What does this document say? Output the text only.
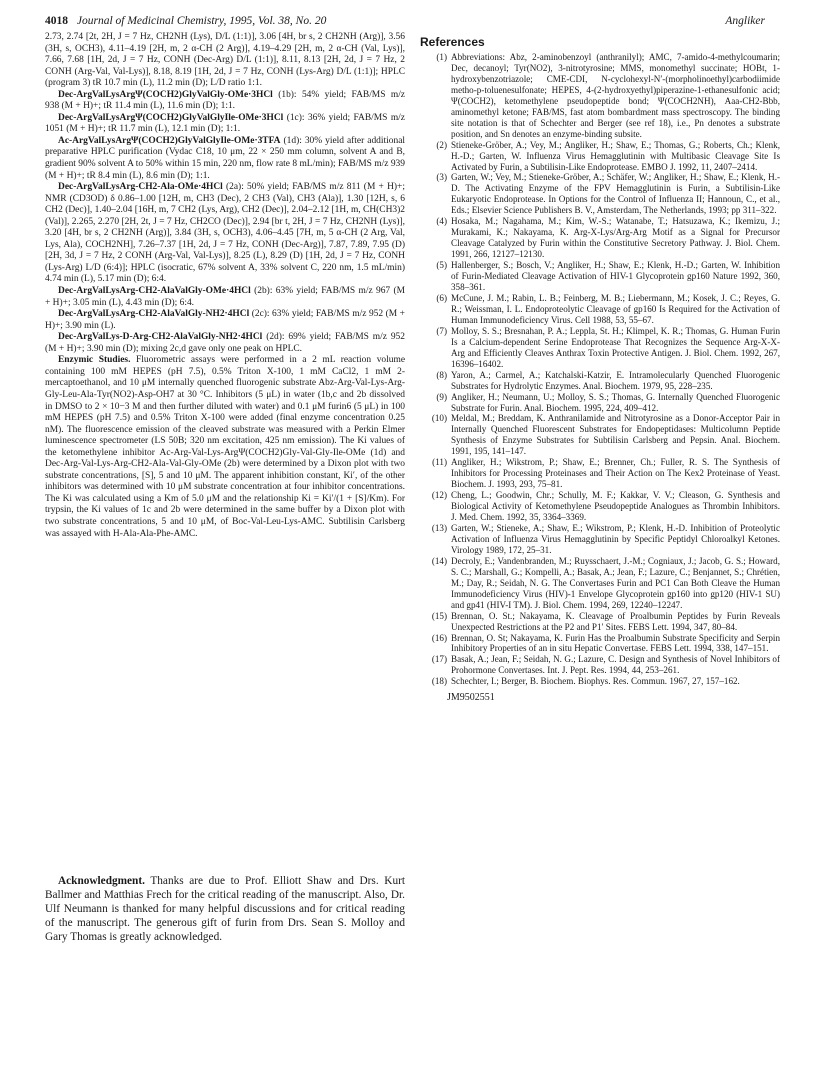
4018 Journal of Medicinal Chemistry, 1995, Vol. 38, No. 20	Angliker

2.73, 2.74 [2t, 2H, J = 7 Hz, CH2NH (Lys), D/L (1:1)], 3.06 [4H, br s, 2 CH2NH (Arg)], 3.56 (3H, s, OCH3), 4.11–4.19 [2H, m, 2 α-CH (2 Arg)], 4.19–4.29 [2H, m, 2 α-CH (Val, Lys)], 7.66, 7.68 [1H, 2d, J = 7 Hz, CONH (Dec-Arg) D/L (1:1)], 8.11, 8.13 [2H, 2d, J = 7 Hz, 2 CONH (Arg-Val, Val-Lys)], 8.18, 8.19 [1H, 2d, J = 7 Hz, CONH (Lys-Arg) D/L (1:1)]; HPLC (program 3) tR 10.7 min (L), 11.2 min (D); L/D ratio 1:1.

Dec-ArgValLysArgΨ(COCH2)GlyValGly-OMe·3HCl (1b): 54% yield; FAB/MS m/z 938 (M + H)+; tR 11.4 min (L), 11.6 min (D); 1:1.

Dec-ArgValLysArgΨ(COCH2)GlyValGlyIle-OMe·3HCl (1c): 36% yield; FAB/MS m/z 1051 (M + H)+; tR 11.7 min (L), 12.1 min (D); 1:1.

Ac-ArgValLysArgΨ(COCH2)GlyValGlyIle-OMe·3TFA (1d): 30% yield after additional preparative HPLC purification (Vydac C18, 10 μm, 22 × 250 mm column, solvent A and B, gradient 90% solvent A to 50% within 15 min, 220 nm, flow rate 8 mL/min); FAB/MS m/z 939 (M + H)+; tR 8.4 min (L), 8.6 min (D); 1:1.

Dec-ArgValLysArg-CH2-Ala-OMe·4HCl (2a): 50% yield; FAB/MS m/z 811 (M + H)+; NMR (CD3OD) δ 0.86–1.00 [12H, m, CH3 (Dec), 2 CH3 (Val), CH3 (Ala)], 1.30 [12H, s, 6 CH2 (Dec)], 1.40–2.04 [16H, m, 7 CH2 (Lys, Arg), CH2 (Dec)], 2.04–2.12 [1H, m, CH(CH3)2 (Val)], 2.265, 2.270 [2H, 2t, J = 7 Hz, CH2CO (Dec)], 2.94 [br t, 2H, J = 7 Hz, CH2NH (Lys)], 3.20 [4H, br s, 2 CH2NH (Arg)], 3.84 (3H, s, OCH3), 4.06–4.45 [7H, m, 5 α-CH (2 Arg, Val, Lys, Ala), COCH2NH], 7.26–7.37 [1H, 2d, J = 7 Hz, CONH (Dec-Arg)], 7.87, 7.89, 7.95 (D) [2H, 3d, J = 7 Hz, 2 CONH (Arg-Val, Val-Lys)], 8.25 (L), 8.29 (D) [1H, 2d, J = 7 Hz, CONH (Lys-Arg) L/D (6:4)]; HPLC (isocratic, 67% solvent A, 33% solvent C, 220 nm, 1.5 mL/min) 4.74 min (L), 5.17 min (D); 6:4.

Dec-ArgValLysArg-CH2-AlaValGly-OMe·4HCl (2b): 63% yield; FAB/MS m/z 967 (M + H)+; 3.05 min (L), 4.43 min (D); 6:4.

Dec-ArgValLysArg-CH2-AlaValGly-NH2·4HCl (2c): 63% yield; FAB/MS m/z 952 (M + H)+; 3.90 min (L).

Dec-ArgValLys-D-Arg-CH2-AlaValGly-NH2·4HCl (2d): 69% yield; FAB/MS m/z 952 (M + H)+; 3.90 min (D); mixing 2c,d gave only one peak on HPLC.

Enzymic Studies. Fluorometric assays were performed in a 2 mL reaction volume containing 100 mM HEPES (pH 7.5), 0.5% Triton X-100, 1 mM CaCl2, 1 mM 2-mercaptoethanol, and 10 μM internally quenched fluorogenic substrate Abz-Arg-Val-Lys-Arg-Gly-Leu-Ala-Tyr(NO2)-Asp-OH7 at 30 °C. Inhibitors (5 μL) in water (1b,c and 2b dissolved in DMSO to 2 × 10−3 M and then further diluted with water) and 0.1 μM furin6 (5 μL) in 100 mM HEPES (pH 7.5) and 0.5% Triton X-100 were added (final enzyme concentration 0.25 nM). The fluorescence emission of the cleaved substrate was measured with a Perkin Elmer luminescence spectrometer (LS 50B; 320 nm excitation, 425 nm emission). The Ki values of the ketomethylene inhibitor Ac-Arg-Val-Lys-ArgΨ(COCH2)Gly-Val-Gly-Ile-OMe (1d) and Dec-Arg-Val-Lys-Arg-CH2-Ala-Val-Gly-OMe (2b) were determined by a Dixon plot with two substrate concentrations, [S], 5 and 10 μM. The apparent inhibition constant, Ki′, of the other inhibitors was determined with 10 μM substrate concentration at four inhibitor concentrations. The Ki was calculated using a Km of 5.0 μM and the relationship Ki = Ki′/(1 + [S]/Km). For trypsin, the Ki values of 1c and 2b were determined in the same buffer by a Dixon plot with two substrate concentrations, 5 and 10 μM, of Boc-Val-Leu-Lys-AMC. Subtilisin Carlsberg was assayed with H-Ala-Ala-Phe-AMC.

Acknowledgment. Thanks are due to Prof. Elliott Shaw and Drs. Kurt Ballmer and Matthias Frech for the critical reading of the manuscript. Also, Dr. Ulf Neumann is thanked for many helpful discussions and for critical reading of the manuscript. The generous gift of furin from Drs. Sean S. Molloy and Gary Thomas is greatly acknowledged.

References
(1) Abbreviations: Abz, 2-aminobenzoyl (anthranilyl); AMC, 7-amido-4-methylcoumarin; Dec, decanoyl; Tyr(NO2), 3-nitrotyrosine; MMS, monomethyl succinate; HOBt, 1-hydroxybenzotriazole; CME-CDI, N-cyclohexyl-N′-(morpholinoethyl)carbodiimide metho-p-toluenesulfonate; HEPES, 4-(2-hydroxyethyl)piperazine-1-ethanesulfonic acid; Ψ(COCH2), ketomethylene pseudopeptide bond; Ψ(COCH2NH), Aaa-CH2-Bbb, aminomethyl ketone; FAB/MS, fast atom bombardment mass spectroscopy. The binding site notation is that of Schechter and Berger (see ref 18), i.e., Pn denotes a substrate position, and Sn denotes an enzyme-binding subsite.
(2) Stieneke-Gröber, A.; Vey, M.; Angliker, H.; Shaw, E.; Thomas, G.; Roberts, Ch.; Klenk, H.-D.; Garten, W. Influenza Virus Hemagglutinin with Multibasic Cleavage Site Is Activated by Furin, a Subtilisin-Like Endoprotease. EMBO J. 1992, 11, 2407–2414.
(3) Garten, W.; Vey, M.; Stieneke-Gröber, A.; Schäfer, W.; Angliker, H.; Shaw, E.; Klenk, H.-D. The Activating Enzyme of the FPV Hemagglutinin is Furin, a Subtilisin-Like Eukaryotic Endoprotease. In Options for the Control of Influenza II; Hannoun, C., et al., Eds.; Elsevier Science Publishers B. V., Amsterdam, The Netherlands, 1993; pp 311–322.
(4) Hosaka, M.; Nagahama, M.; Kim, W.-S.; Watanabe, T.; Hatsuzawa, K.; Ikemizu, J.; Murakami, K.; Nakayama, K. Arg-X-Lys/Arg-Arg Motif as a Signal for Precursor Cleavage Catalyzed by Furin within the Constitutive Secretory Pathway. J. Biol. Chem. 1991, 266, 12127–12130.
(5) Hallenberger, S.; Bosch, V.; Angliker, H.; Shaw, E.; Klenk, H.-D.; Garten, W. Inhibition of Furin-Mediated Cleavage Activation of HIV-1 Glycoprotein gp160 Nature 1992, 360, 358–361.
(6) McCune, J. M.; Rabin, L. B.; Feinberg, M. B.; Liebermann, M.; Kosek, J. C.; Reyes, G. R.; Weissman, I. L. Endoproteolytic Cleavage of gp160 Is Required for the Activation of Human Immunodeficiency Virus. Cell 1988, 53, 55–67.
(7) Molloy, S. S.; Bresnahan, P. A.; Leppla, St. H.; Klimpel, K. R.; Thomas, G. Human Furin Is a Calcium-dependent Serine Endoprotease That Recognizes the Sequence Arg-X-X-Arg and Efficiently Cleaves Anthrax Toxin Protective Antigen. J. Biol. Chem. 1992, 267, 16396–16402.
(8) Yaron, A.; Carmel, A.; Katchalski-Katzir, E. Intramolecularly Quenched Fluorogenic Substrates for Hydrolytic Enzymes. Anal. Biochem. 1979, 95, 228–235.
(9) Angliker, H.; Neumann, U.; Molloy, S. S.; Thomas, G. Internally Quenched Fluorogenic Substrate for Furin. Anal. Biochem. 1995, 224, 409–412.
(10) Meldal, M.; Breddam, K. Anthranilamide and Nitrotyrosine as a Donor-Acceptor Pair in Internally Quenched Fluorescent Substrates for Endopeptidases: Multicolumn Peptide Synthesis of Enzyme Substrates for Subtilisin Carlsberg and Pepsin. Anal. Biochem. 1991, 195, 141–147.
(11) Angliker, H.; Wikstrom, P.; Shaw, E.; Brenner, Ch.; Fuller, R. S. The Synthesis of Inhibitors for Processing Proteinases and Their Action on The Kex2 Proteinase of Yeast. Biochem. J. 1993, 293, 75–81.
(12) Cheng, L.; Goodwin, Chr.; Schully, M. F.; Kakkar, V. V.; Cleason, G. Synthesis and Biological Activity of Ketomethylene Pseudopeptide Analogues as Thrombin Inhibitors. J. Med. Chem. 1992, 35, 3364–3369.
(13) Garten, W.; Stieneke, A.; Shaw, E.; Wikstrom, P.; Klenk, H.-D. Inhibition of Proteolytic Activation of Influenza Virus Hemagglutinin by Specific Peptidyl Chloroalkyl Ketones. Virology 1989, 172, 25–31.
(14) Decroly, E.; Vandenbranden, M.; Ruysschaert, J.-M.; Cogniaux, J.; Jacob, G. S.; Howard, S. C.; Marshall, G.; Kompelli, A.; Basak, A.; Jean, F.; Lazure, C.; Benjannet, S.; Chrétien, M.; Day, R.; Seidah, N. G. The Convertases Furin and PC1 Can Both Cleave the Human Immunodeficiency Virus (HIV)-1 Envelope Glycoprotein gp160 into gp120 (HIV-1 SU) and gp41 (HIV-I TM). J. Biol. Chem. 1994, 269, 12240–12247.
(15) Brennan, O. St.; Nakayama, K. Cleavage of Proalbumin Peptides by Furin Reveals Unexpected Restrictions at the P2 and P1′ Sites. FEBS Lett. 1994, 347, 80–84.
(16) Brennan, O. St; Nakayama, K. Furin Has the Proalbumin Substrate Specificity and Serpin Inhibitory Properties of an in situ Hepatic Convertase. FEBS Lett. 1994, 338, 147–151.
(17) Basak, A.; Jean, F.; Seidah, N. G.; Lazure, C. Design and Synthesis of Novel Inhibitors of Prohormone Convertases. Int. J. Pept. Res. 1994, 44, 253–261.
(18) Schechter, I.; Berger, B. Biochem. Biophys. Res. Commun. 1967, 27, 157–162.
JM9502551
